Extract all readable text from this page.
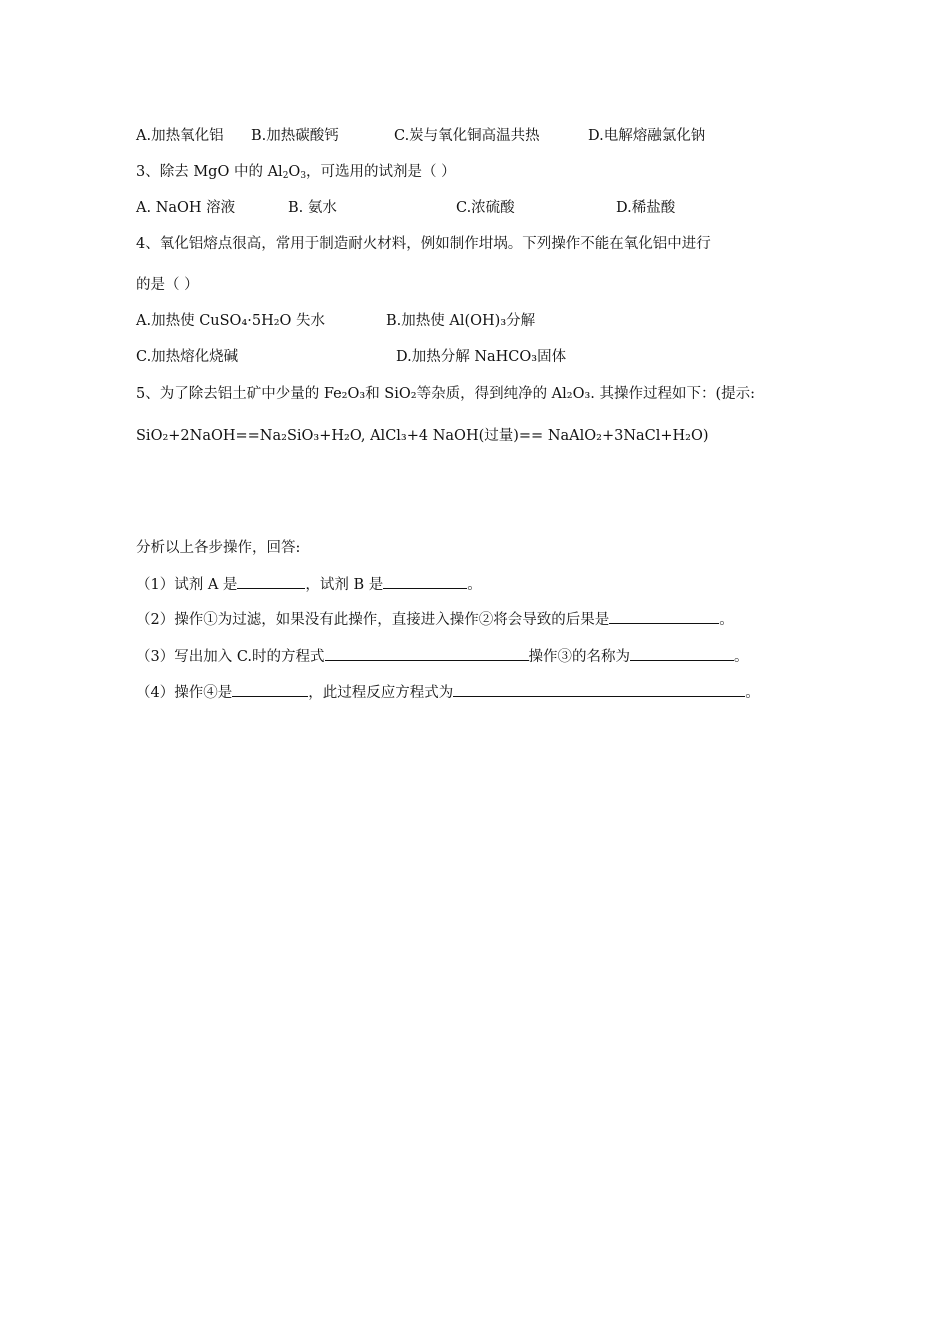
A.加热氧化铝 B.加热碳酸钙	C.炭与氧化铜高温共热	D.电解熔融氯化钠
3、除去 MgO 中的 $Al_2O_3$，可选用的试剂是（ ）
A. NaOH 溶液	B. 氨水	C.浓硫酸	D.稀盐酸
4、氧化铝熔点很高，常用于制造耐火材料，例如制作坩埚。下列操作不能在氧化铝中进行
的是（ ）
A.加热使 CuSO₄·5H₂O 失水	B.加热使 Al(OH)₃分解
C.加热熔化烧碱	D.加热分解 NaHCO₃固体
5、为了除去铝土矿中少量的 Fe₂O₃和 SiO₂等杂质，得到纯净的 Al₂O₃. 其操作过程如下：(提示:
SiO₂+2NaOH==Na₂SiO₃+H₂O, AlCl₃+4 NaOH(过量)== NaAlO₂+3NaCl+H₂O)
分析以上各步操作，回答:
（1）试剂 A 是	，试剂 B 是	。
（2）操作①为过滤，如果没有此操作，直接进入操作②将会导致的后果是	。
（3）写出加入 C.时的方程式	操作③的名称为	。
（4）操作④是	，此过程反应方程式为	。
